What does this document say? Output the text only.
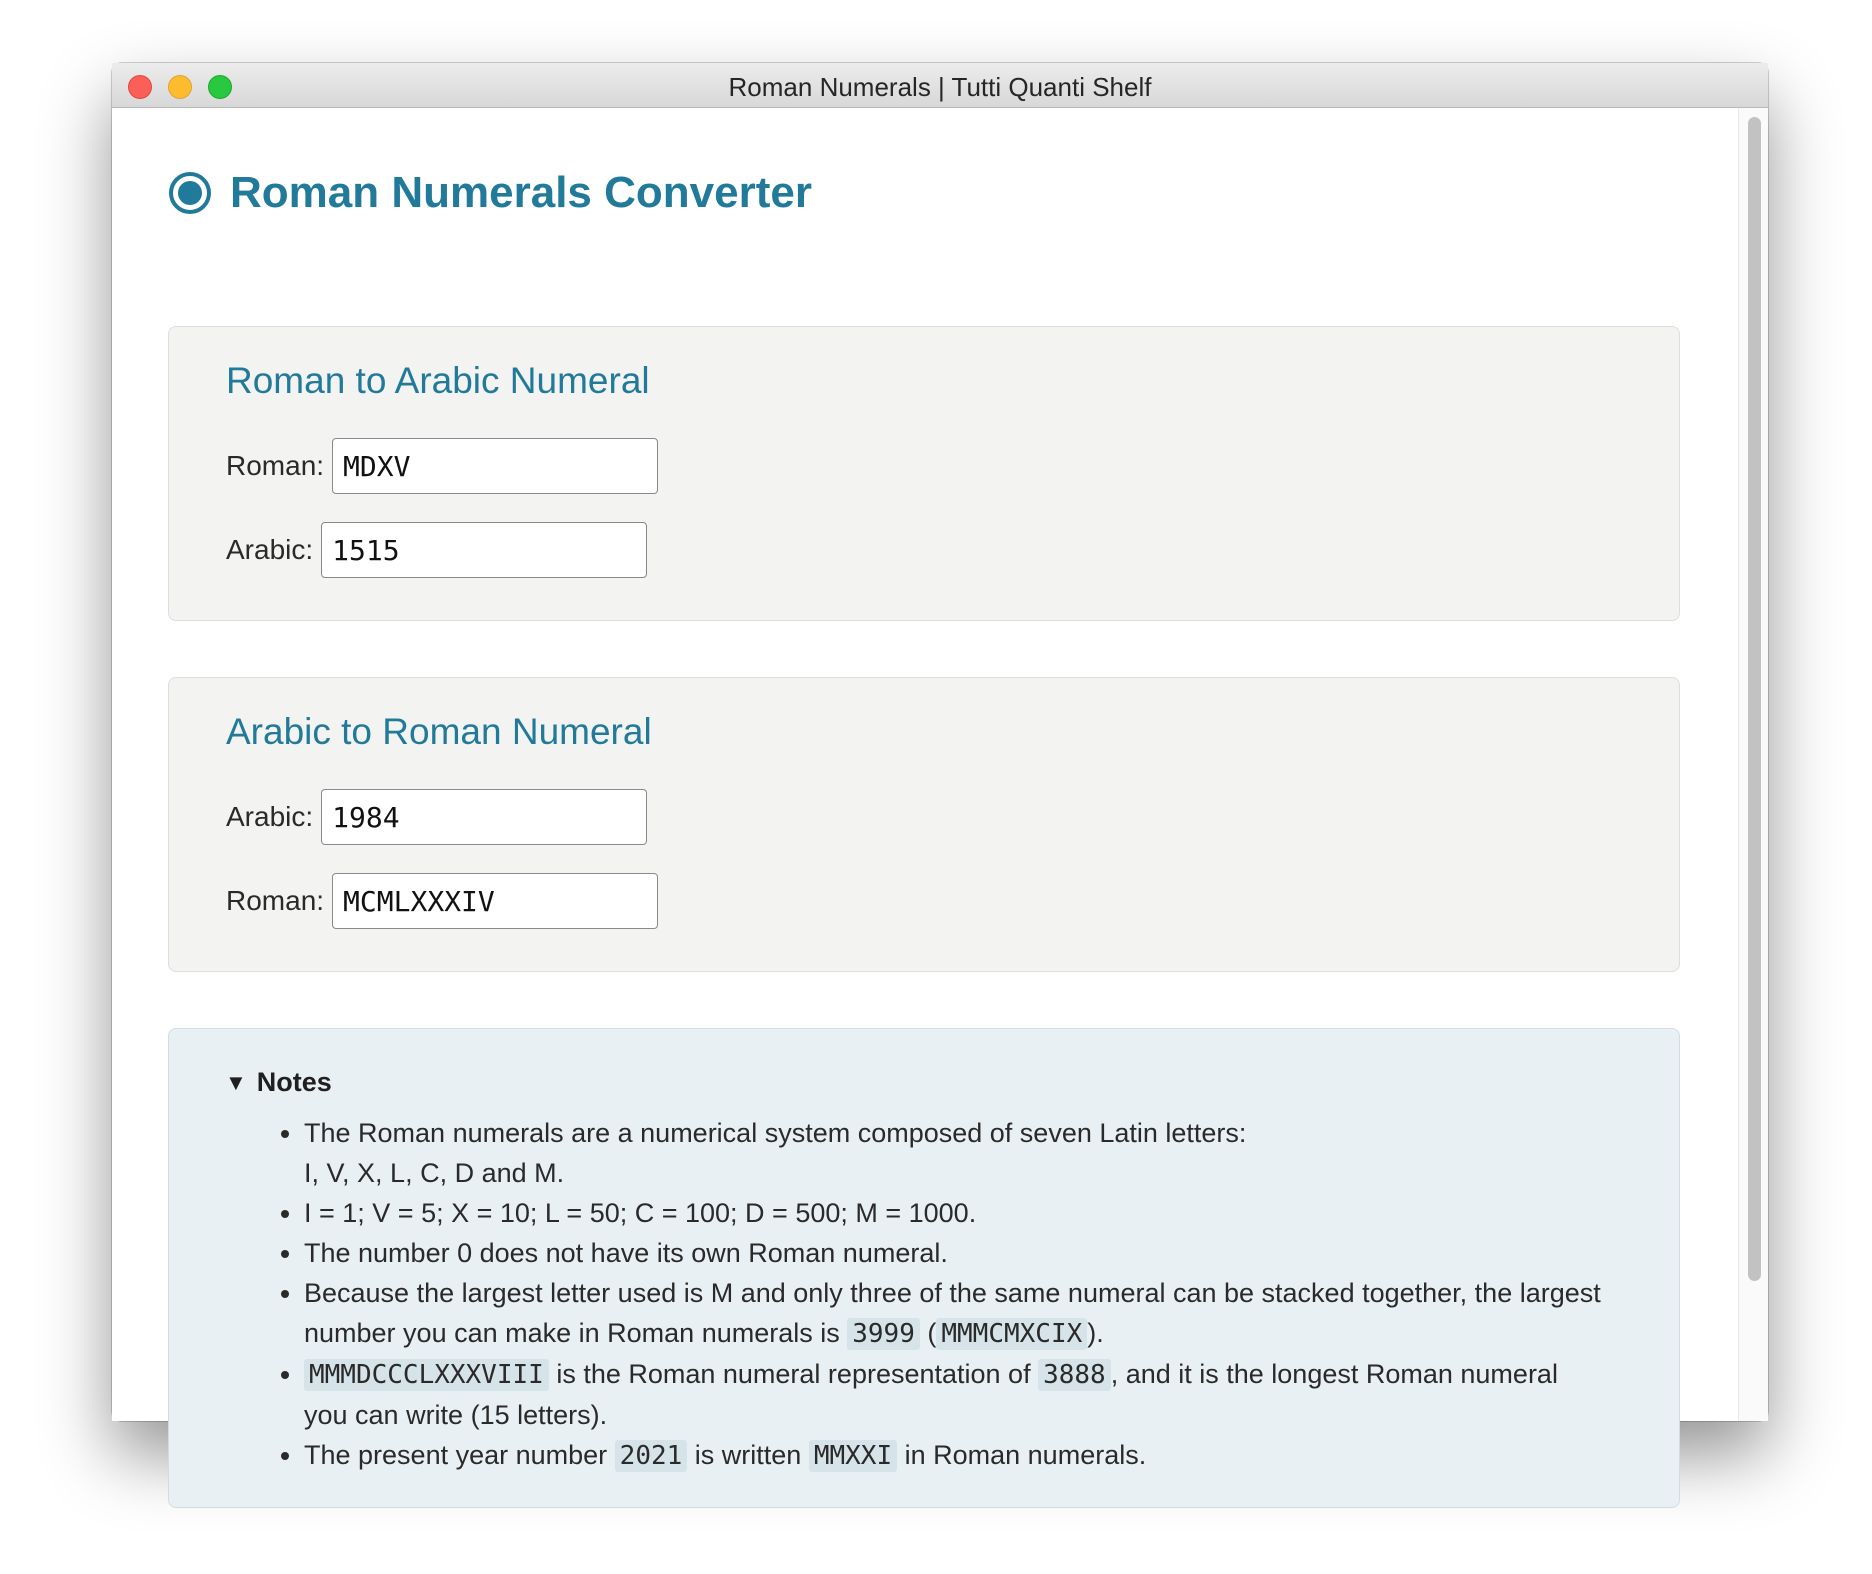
Roman Numerals | Tutti Quanti Shelf
Roman Numerals Converter
Roman to Arabic Numeral
Roman:
MDXV
Arabic:
1515
Arabic to Roman Numeral
Arabic:
1984
Roman:
MCMLXXXIV
▼ Notes
• The Roman numerals are a numerical system composed of seven Latin letters:
I, V, X, L, C, D and M.
• I = 1; V = 5; X = 10; L = 50; C = 100; D = 500; M = 1000.
• The number 0 does not have its own Roman numeral.
• Because the largest letter used is M and only three of the same numeral can be stacked together, the largest number you can make in Roman numerals is 3999 ( MMMCMXCIX ).
• MMMDCCCLXXXVIII is the Roman numeral representation of 3888 , and it is the longest Roman numeral you can write (15 letters).
• The present year number 2021 is written MMXXI in Roman numerals.
